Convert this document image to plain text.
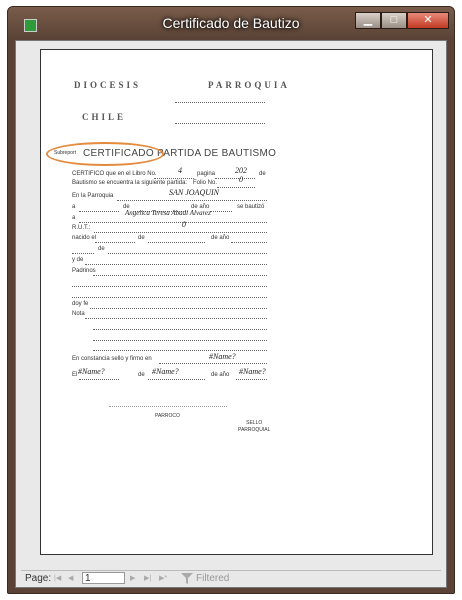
Certificado de Bautizo	▁	□	✕
DIOCESIS	PARROQUIA
CHILE
Subreport CERTIFICADO PARTIDA DE BAUTISMO
CERTIFICO que en el Libro No.	4	pagina 202 de
Bautismo se encuentra la siguiente partida: Folio No.	0
En la Parroquia	SAN JOAQUIN
a	de	de año	se bautizó
a
Angelica Teresa Abadi Alvarez
R.U.T.:	0
nacido el	de	de año
de
y de
Padrinos
doy fe
Nota
En constancia sello y firmo en	#Name?
El #Name?	de #Name?	de año #Name?
PARROCO
SELLO
PARROQUIAL
Page: |◀ ◀	1	▶ ▶| ▶*	Filtered
